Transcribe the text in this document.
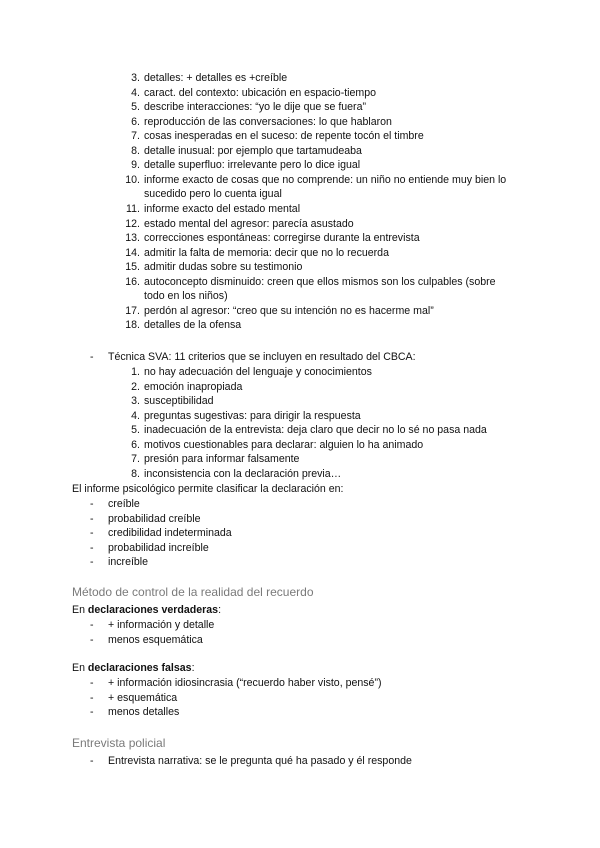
3. detalles: + detalles es +creíble
4. caract. del contexto: ubicación en espacio-tiempo
5. describe interacciones: “yo le dije que se fuera”
6. reproducción de las conversaciones: lo que hablaron
7. cosas inesperadas en el suceso: de repente tocón el timbre
8. detalle inusual: por ejemplo que tartamudeaba
9. detalle superfluo: irrelevante pero lo dice igual
10. informe exacto de cosas que no comprende: un niño no entiende muy bien lo
sucedido pero lo cuenta igual
11. informe exacto del estado mental
12. estado mental del agresor: parecía asustado
13. correcciones espontáneas: corregirse durante la entrevista
14. admitir la falta de memoria: decir que no lo recuerda
15. admitir dudas sobre su testimonio
16. autoconcepto disminuido: creen que ellos mismos son los culpables (sobre
todo en los niños)
17. perdón al agresor: “creo que su intención no es hacerme mal”
18. detalles de la ofensa
- Técnica SVA: 11 criterios que se incluyen en resultado del CBCA:
1. no hay adecuación del lenguaje y conocimientos
2. emoción inapropiada
3. susceptibilidad
4. preguntas sugestivas: para dirigir la respuesta
5. inadecuación de la entrevista: deja claro que decir no lo sé no pasa nada
6. motivos cuestionables para declarar: alguien lo ha animado
7. presión para informar falsamente
8. inconsistencia con la declaración previa…
El informe psicológico permite clasificar la declaración en:
- creíble
- probabilidad creíble
- credibilidad indeterminada
- probabilidad increíble
- increíble
Método de control de la realidad del recuerdo
En declaraciones verdaderas:
- + información y detalle
- menos esquemática
En declaraciones falsas:
- + información idiosincrasia (“recuerdo haber visto, pensé”)
- + esquemática
- menos detalles
Entrevista policial
- Entrevista narrativa: se le pregunta qué ha pasado y él responde
